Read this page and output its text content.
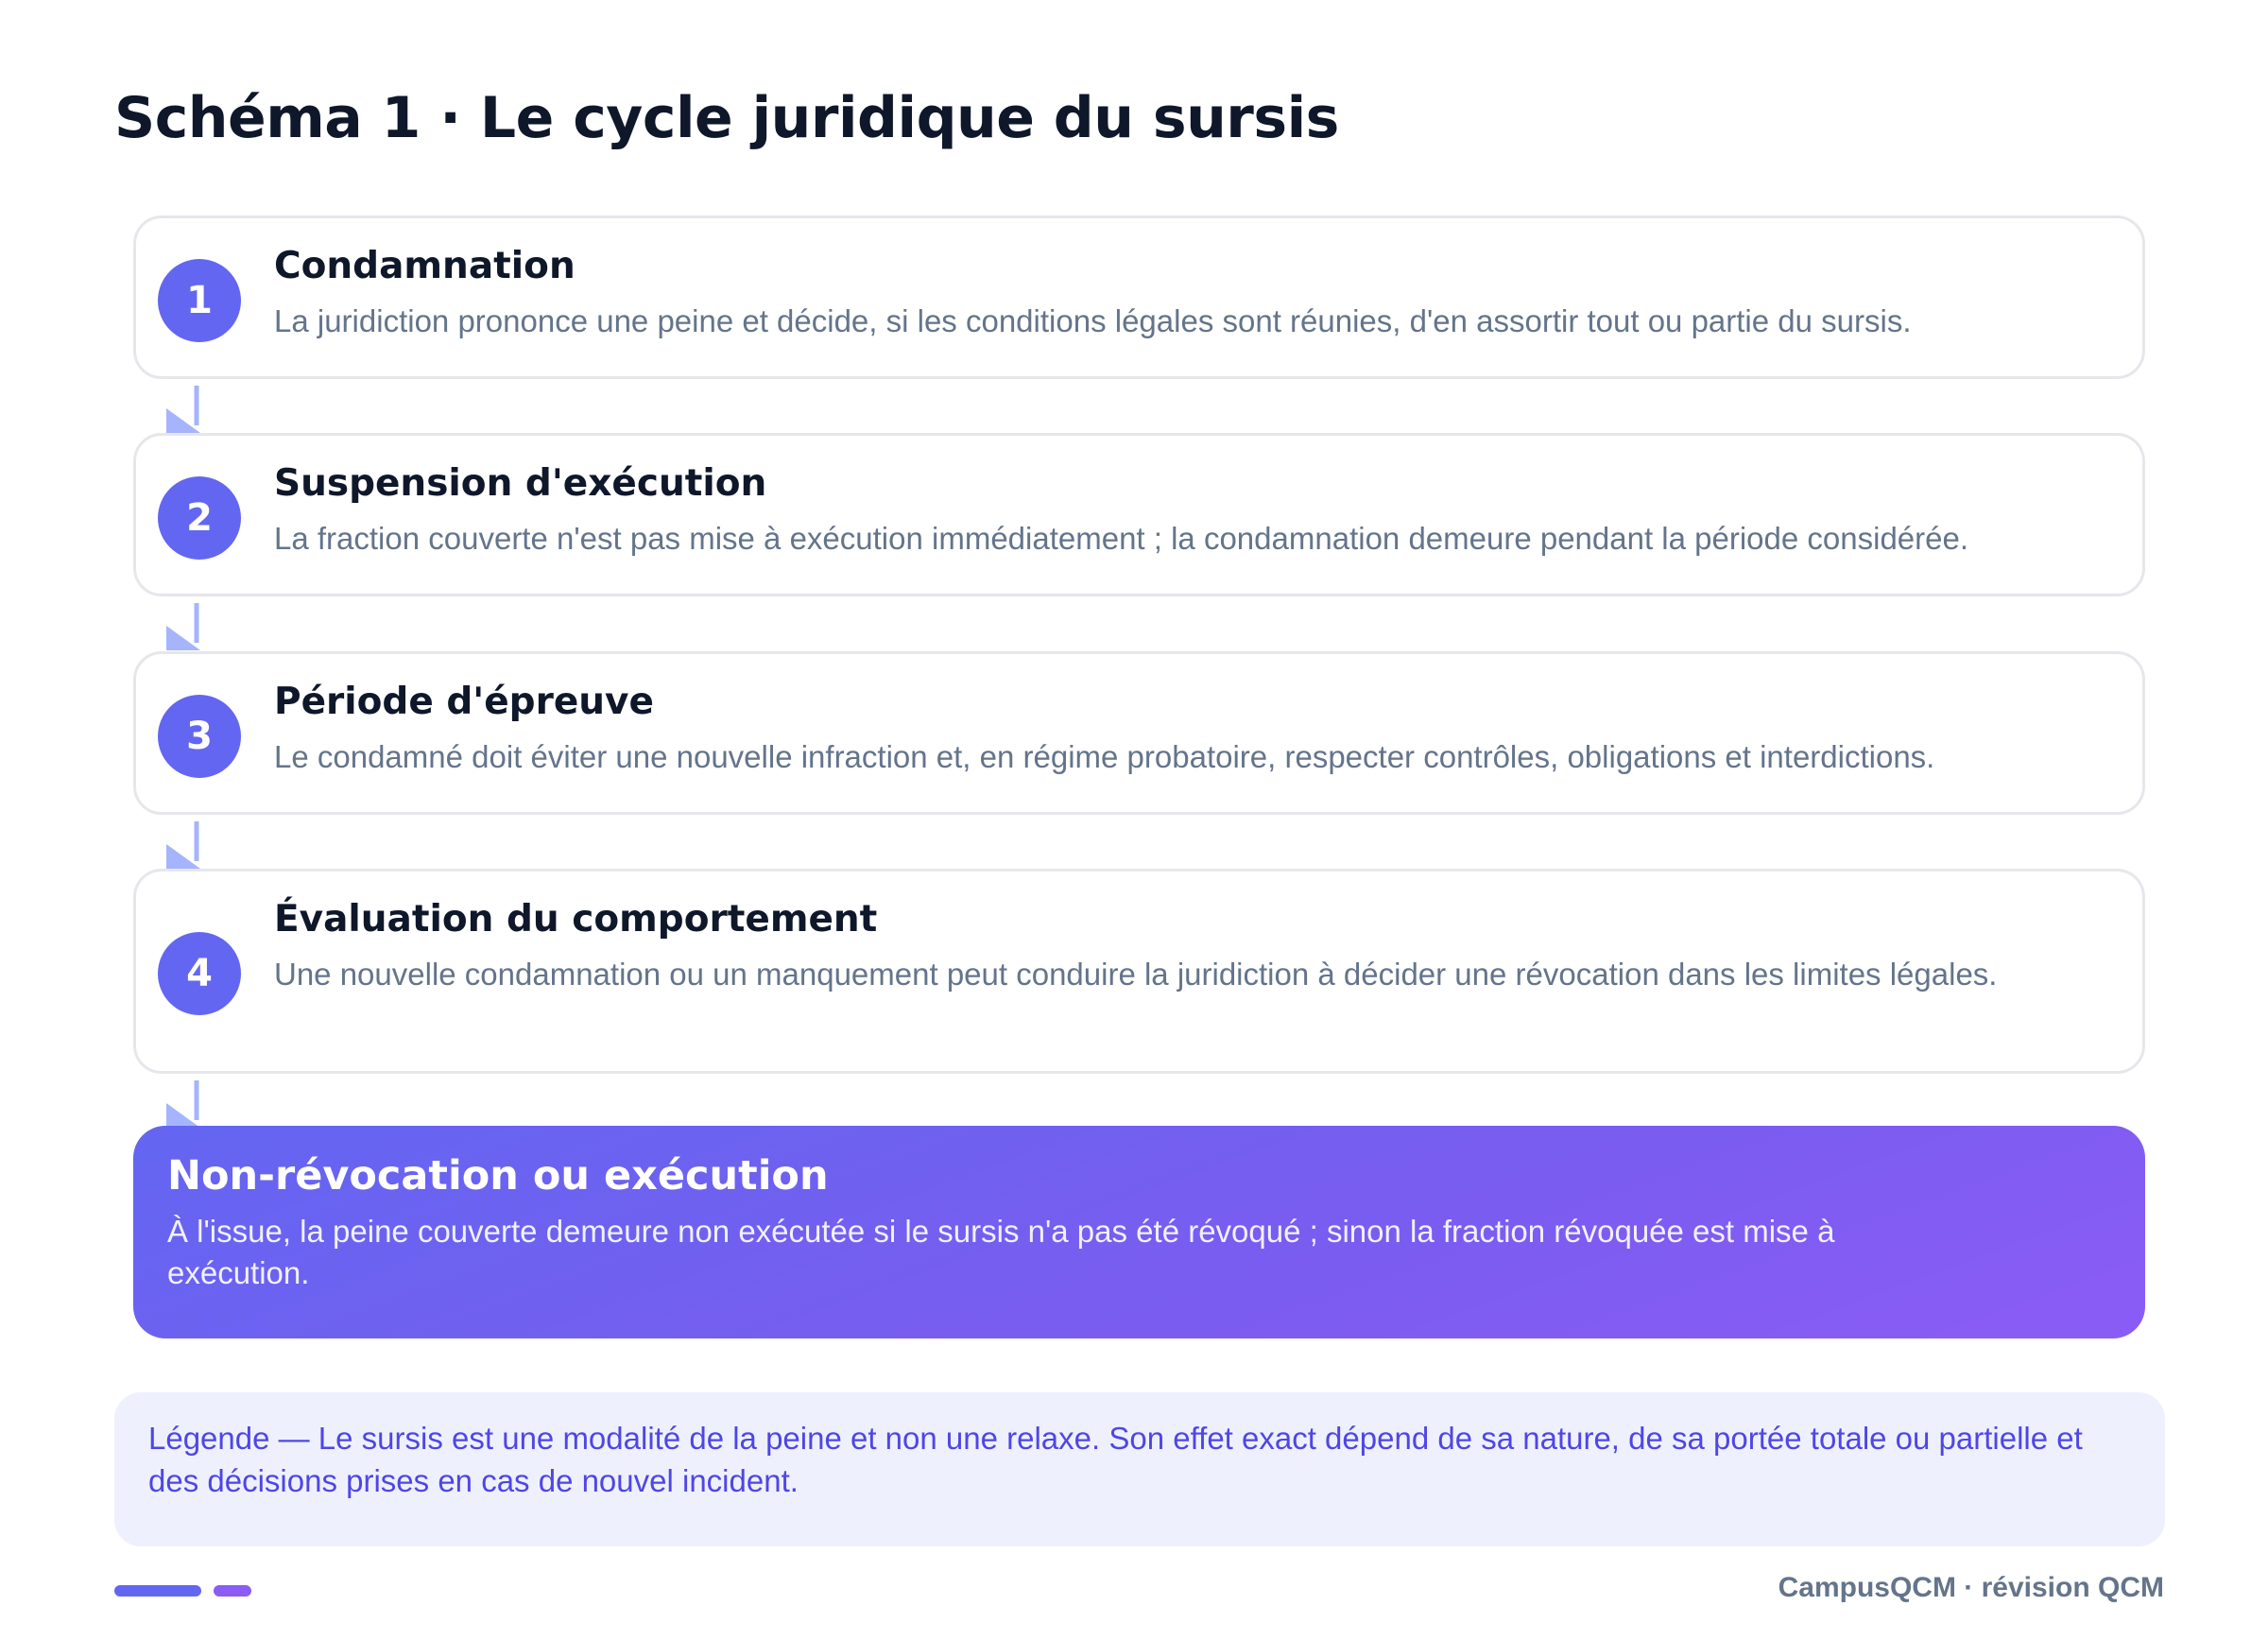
Schéma 1 · Le cycle juridique du sursis
1
Condamnation
La juridiction prononce une peine et décide, si les conditions légales sont réunies, d'en assortir tout ou partie du sursis.
2
Suspension d'exécution
La fraction couverte n'est pas mise à exécution immédiatement ; la condamnation demeure pendant la période considérée.
3
Période d'épreuve
Le condamné doit éviter une nouvelle infraction et, en régime probatoire, respecter contrôles, obligations et interdictions.
4
Évaluation du comportement
Une nouvelle condamnation ou un manquement peut conduire la juridiction à décider une révocation dans les limites légales.
Non-révocation ou exécution
À l'issue, la peine couverte demeure non exécutée si le sursis n'a pas été révoqué ; sinon la fraction révoquée est mise à exécution.
Légende — Le sursis est une modalité de la peine et non une relaxe. Son effet exact dépend de sa nature, de sa portée totale ou partielle et des décisions prises en cas de nouvel incident.
CampusQCM · révision QCM
